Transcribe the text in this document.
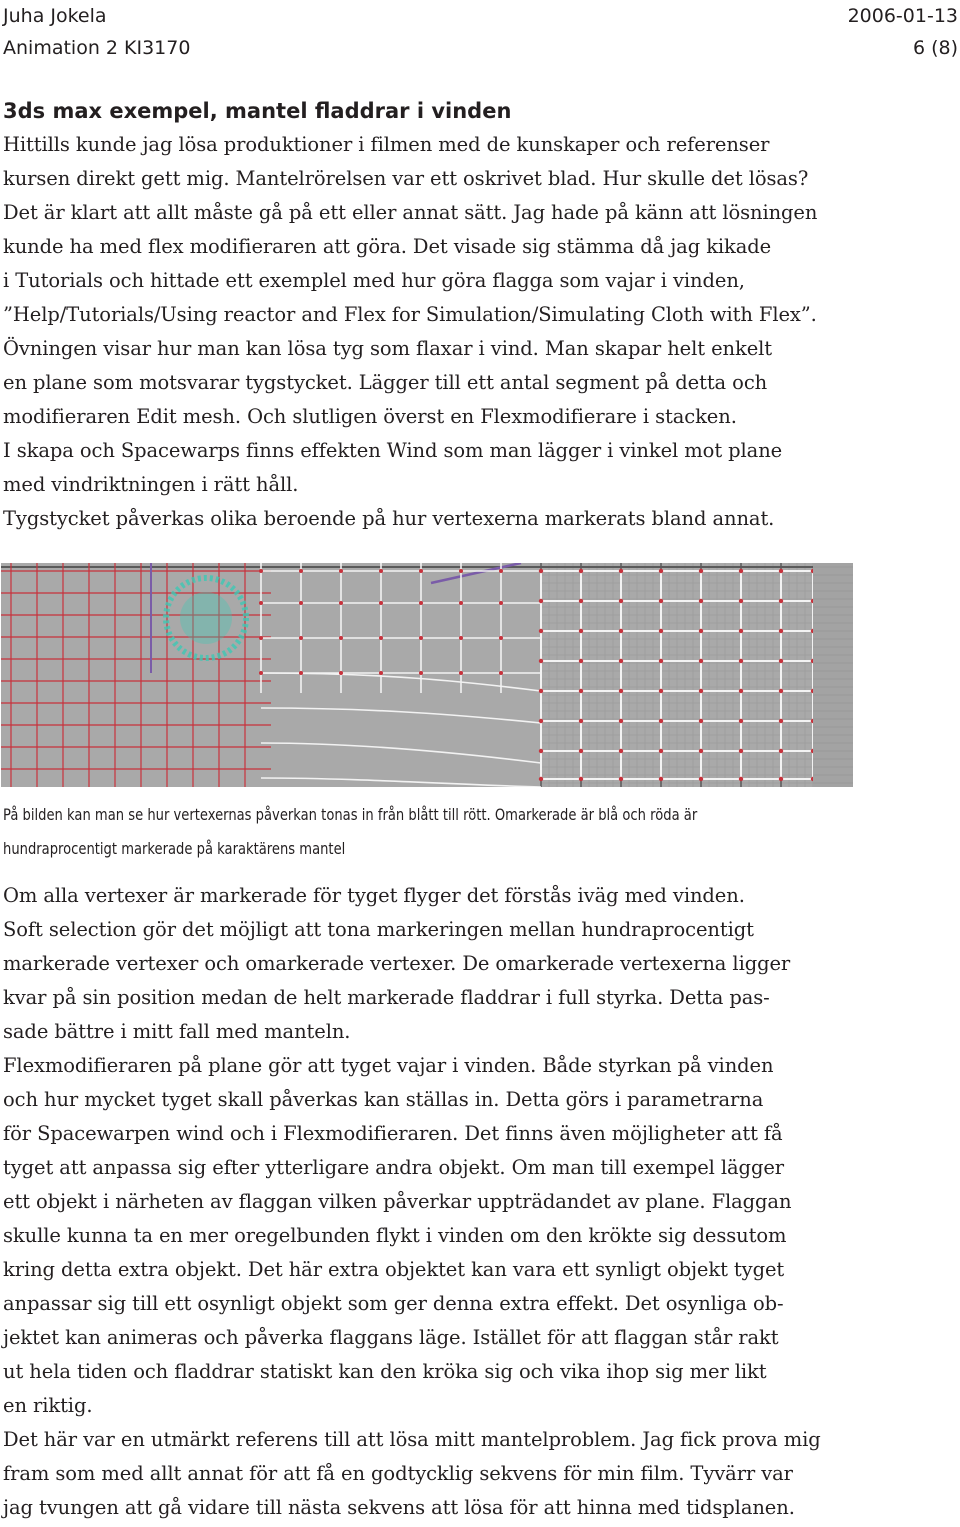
Juha Jokela	2006-01-13
Animation 2 KI3170	6 (8)
3ds max exempel, mantel fladdrar i vinden

Hittills kunde jag lösa produktioner i filmen med de kunskaper och referenser
kursen direkt gett mig. Mantelrörelsen var ett oskrivet blad. Hur skulle det lösas?
Det är klart att allt måste gå på ett eller annat sätt. Jag hade på känn att lösningen
kunde ha med flex modifieraren att göra. Det visade sig stämma då jag kikade
i Tutorials och hittade ett exemplel med hur göra flagga som vajar i vinden,
”Help/Tutorials/Using reactor and Flex for Simulation/Simulating Cloth with Flex”.
Övningen visar hur man kan lösa tyg som flaxar i vind. Man skapar helt enkelt
en plane som motsvarar tygstycket. Lägger till ett antal segment på detta och
modifieraren Edit mesh. Och slutligen överst en Flexmodifierare i stacken.
I skapa och Spacewarps finns effekten Wind som man lägger i vinkel mot plane
med vindriktningen i rätt håll.
Tygstycket påverkas olika beroende på hur vertexerna markerats bland annat.

På bilden kan man se hur vertexernas påverkan tonas in från blått till rött. Omarkerade är blå och röda är
hundraprocentigt markerade på karaktärens mantel

Om alla vertexer är markerade för tyget flyger det förstås iväg med vinden.
Soft selection gör det möjligt att tona markeringen mellan hundraprocentigt
markerade vertexer och omarkerade vertexer. De omarkerade vertexerna ligger
kvar på sin position medan de helt markerade fladdrar i full styrka. Detta pas-
sade bättre i mitt fall med manteln.
Flexmodifieraren på plane gör att tyget vajar i vinden. Både styrkan på vinden
och hur mycket tyget skall påverkas kan ställas in. Detta görs i parametrarna
för Spacewarpen wind och i Flexmodifieraren. Det finns även möjligheter att få
tyget att anpassa sig efter ytterligare andra objekt. Om man till exempel lägger
ett objekt i närheten av flaggan vilken påverkar uppträdandet av plane. Flaggan
skulle kunna ta en mer oregelbunden flykt i vinden om den krökte sig dessutom
kring detta extra objekt. Det här extra objektet kan vara ett synligt objekt tyget
anpassar sig till ett osynligt objekt som ger denna extra effekt. Det osynliga ob-
jektet kan animeras och påverka flaggans läge. Istället för att flaggan står rakt
ut hela tiden och fladdrar statiskt kan den kröka sig och vika ihop sig mer likt
en riktig.
Det här var en utmärkt referens till att lösa mitt mantelproblem. Jag fick prova mig
fram som med allt annat för att få en godtycklig sekvens för min film. Tyvärr var
jag tvungen att gå vidare till nästa sekvens att lösa för att hinna med tidsplanen.
